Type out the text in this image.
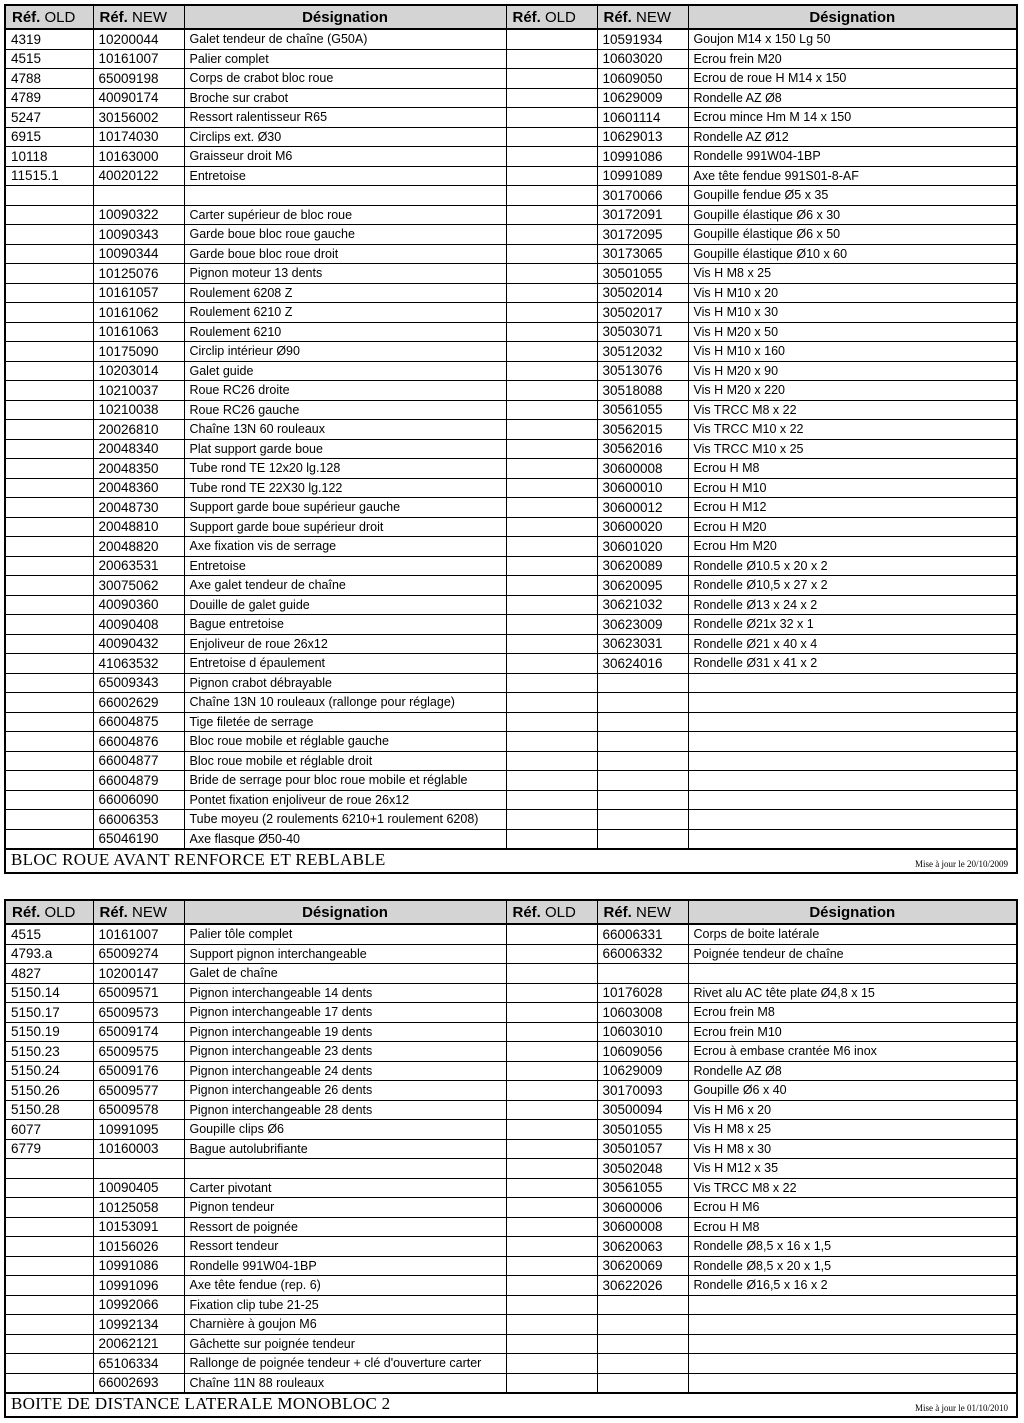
Réf. OLD	Réf. NEW	Désignation	Réf. OLD	Réf. NEW	Désignation
4319	10200044	Galet tendeur de chaîne (G50A)		10591934	Goujon M14 x 150 Lg 50
4515	10161007	Palier complet		10603020	Ecrou frein M20
4788	65009198	Corps de crabot bloc roue		10609050	Ecrou de roue H M14 x 150
4789	40090174	Broche sur crabot		10629009	Rondelle AZ Ø8
5247	30156002	Ressort ralentisseur R65		10601114	Ecrou mince Hm M 14 x 150
6915	10174030	Circlips ext. Ø30		10629013	Rondelle AZ Ø12
10118	10163000	Graisseur droit M6		10991086	Rondelle 991W04-1BP
11515.1	40020122	Entretoise		10991089	Axe tête fendue 991S01-8-AF
				30170066	Goupille fendue Ø5 x 35
	10090322	Carter supérieur de bloc roue		30172091	Goupille élastique Ø6 x 30
	10090343	Garde boue bloc roue gauche		30172095	Goupille élastique Ø6 x 50
	10090344	Garde boue bloc roue droit		30173065	Goupille élastique Ø10 x 60
	10125076	Pignon moteur 13 dents		30501055	Vis H M8 x 25
	10161057	Roulement 6208 Z		30502014	Vis H M10 x 20
	10161062	Roulement 6210 Z		30502017	Vis H M10 x 30
	10161063	Roulement 6210		30503071	Vis H M20 x 50
	10175090	Circlip intérieur Ø90		30512032	Vis H M10 x 160
	10203014	Galet guide		30513076	Vis H M20 x 90
	10210037	Roue RC26 droite		30518088	Vis H M20 x 220
	10210038	Roue RC26 gauche		30561055	Vis TRCC M8 x 22
	20026810	Chaîne 13N 60 rouleaux		30562015	Vis TRCC M10 x 22
	20048340	Plat support garde boue		30562016	Vis TRCC M10 x 25
	20048350	Tube rond TE 12x20 lg.128		30600008	Ecrou H M8
	20048360	Tube rond TE 22X30 lg.122		30600010	Ecrou H M10
	20048730	Support garde boue supérieur gauche		30600012	Ecrou H M12
	20048810	Support garde boue supérieur droit		30600020	Ecrou H M20
	20048820	Axe fixation vis de serrage		30601020	Ecrou Hm M20
	20063531	Entretoise		30620089	Rondelle Ø10.5 x 20 x 2
	30075062	Axe galet tendeur de chaîne		30620095	Rondelle Ø10,5 x 27 x 2
	40090360	Douille de galet guide		30621032	Rondelle Ø13 x 24 x 2
	40090408	Bague entretoise		30623009	Rondelle Ø21x 32 x 1
	40090432	Enjoliveur de roue 26x12		30623031	Rondelle Ø21 x 40 x 4
	41063532	Entretoise d épaulement		30624016	Rondelle Ø31 x 41 x 2
	65009343	Pignon crabot débrayable			
	66002629	Chaîne 13N 10 rouleaux (rallonge pour réglage)			
	66004875	Tige filetée de serrage			
	66004876	Bloc roue mobile et réglable gauche			
	66004877	Bloc roue mobile et réglable droit			
	66004879	Bride de serrage pour bloc roue mobile et réglable			
	66006090	Pontet fixation enjoliveur de roue 26x12			
	66006353	Tube moyeu (2 roulements 6210+1 roulement 6208)			
	65046190	Axe flasque Ø50-40			
BLOC ROUE AVANT RENFORCE ET REBLABLE	Mise à jour le 20/10/2009
Réf. OLD	Réf. NEW	Désignation	Réf. OLD	Réf. NEW	Désignation
4515	10161007	Palier tôle complet		66006331	Corps de boite latérale
4793.a	65009274	Support pignon interchangeable		66006332	Poignée tendeur de chaîne
4827	10200147	Galet de chaîne			
5150.14	65009571	Pignon interchangeable 14 dents		10176028	Rivet alu AC tête plate Ø4,8 x 15
5150.17	65009573	Pignon interchangeable 17 dents		10603008	Ecrou frein M8
5150.19	65009174	Pignon interchangeable 19 dents		10603010	Ecrou frein M10
5150.23	65009575	Pignon interchangeable 23 dents		10609056	Ecrou à embase crantée M6 inox
5150.24	65009176	Pignon interchangeable 24 dents		10629009	Rondelle AZ Ø8
5150.26	65009577	Pignon interchangeable 26 dents		30170093	Goupille Ø6 x 40
5150.28	65009578	Pignon interchangeable 28 dents		30500094	Vis H M6 x 20
6077	10991095	Goupille clips Ø6		30501055	Vis H M8 x 25
6779	10160003	Bague autolubrifiante		30501057	Vis H M8 x 30
				30502048	Vis H M12 x 35
	10090405	Carter pivotant		30561055	Vis TRCC M8 x 22
	10125058	Pignon tendeur		30600006	Ecrou H M6
	10153091	Ressort de poignée		30600008	Ecrou H M8
	10156026	Ressort tendeur		30620063	Rondelle Ø8,5 x 16 x 1,5
	10991086	Rondelle 991W04-1BP		30620069	Rondelle Ø8,5 x 20 x 1,5
	10991096	Axe tête fendue (rep. 6)		30622026	Rondelle Ø16,5 x 16 x 2
	10992066	Fixation clip tube 21-25			
	10992134	Charnière à goujon M6			
	20062121	Gâchette sur poignée tendeur			
	65106334	Rallonge de poignée tendeur + clé d'ouverture carter			
	66002693	Chaîne 11N 88 rouleaux			
BOITE DE DISTANCE LATERALE MONOBLOC 2	Mise à jour le 01/10/2010
